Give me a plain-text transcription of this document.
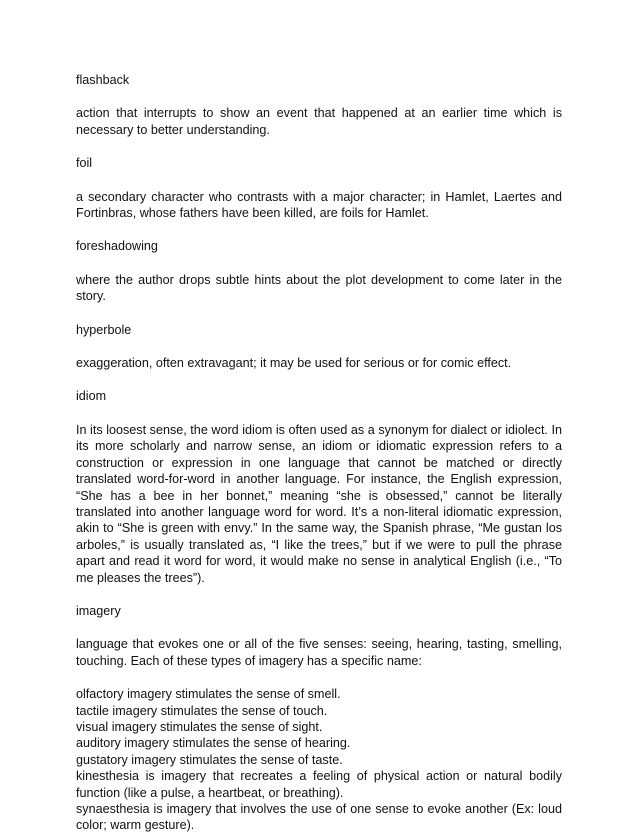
flashback

action that interrupts to show an event that happened at an earlier time which is necessary to better understanding.

foil

a secondary character who contrasts with a major character; in Hamlet, Laertes and Fortinbras, whose fathers have been killed, are foils for Hamlet.

foreshadowing

where the author drops subtle hints about the plot development to come later in the story.

hyperbole

exaggeration, often extravagant; it may be used for serious or for comic effect.

idiom

In its loosest sense, the word idiom is often used as a synonym for dialect or idiolect. In its more scholarly and narrow sense, an idiom or idiomatic expression refers to a construction or expression in one language that cannot be matched or directly translated word-for-word in another language. For instance, the English expression, “She has a bee in her bonnet,” meaning “she is obsessed,” cannot be literally translated into another language word for word. It’s a non-literal idiomatic expression, akin to “She is green with envy.” In the same way, the Spanish phrase, “Me gustan los arboles,” is usually translated as, “I like the trees,” but if we were to pull the phrase apart and read it word for word, it would make no sense in analytical English (i.e., “To me pleases the trees”).

imagery

language that evokes one or all of the five senses: seeing, hearing, tasting, smelling, touching. Each of these types of imagery has a specific name:

olfactory imagery stimulates the sense of smell.

tactile imagery stimulates the sense of touch.

visual imagery stimulates the sense of sight.

auditory imagery stimulates the sense of hearing.

gustatory imagery stimulates the sense of taste.

kinesthesia is imagery that recreates a feeling of physical action or natural bodily function (like a pulse, a heartbeat, or breathing).

synaesthesia is imagery that involves the use of one sense to evoke another (Ex: loud color; warm gesture).
